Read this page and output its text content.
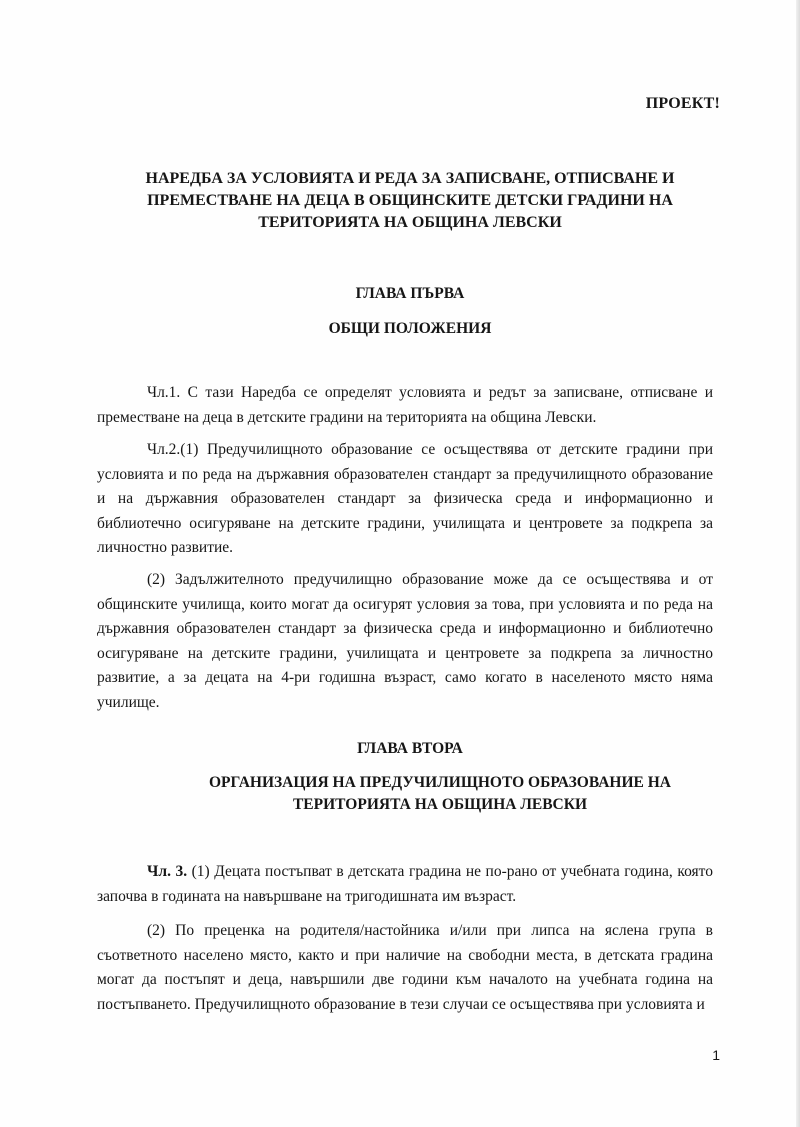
ПРОЕКТ!
НАРЕДБА ЗА УСЛОВИЯТА И РЕДА ЗА ЗАПИСВАНЕ, ОТПИСВАНЕ И ПРЕМЕСТВАНЕ НА ДЕЦА В ОБЩИНСКИТЕ ДЕТСКИ ГРАДИНИ НА ТЕРИТОРИЯТА НА ОБЩИНА ЛЕВСКИ
ГЛАВА ПЪРВА
ОБЩИ ПОЛОЖЕНИЯ

Чл.1. С тази Наредба се определят условията и редът за записване, отписване и преместване на деца в детските градини на територията на община Левски.

Чл.2.(1) Предучилищното образование се осъществява от детските градини при условията и по реда на държавния образователен стандарт за предучилищното образование и на държавния образователен стандарт за физическа среда и информационно и библиотечно осигуряване на детските градини, училищата и центровете за подкрепа за личностно развитие.

(2) Задължителното предучилищно образование може да се осъществява и от общинските училища, които могат да осигурят условия за това, при условията и по реда на държавния образователен стандарт за физическа среда и информационно и библиотечно осигуряване на детските градини, училищата и центровете за подкрепа за личностно развитие, а за децата на 4-ри годишна възраст, само когато в населеното място няма училище.

ГЛАВА ВТОРА
ОРГАНИЗАЦИЯ НА ПРЕДУЧИЛИЩНОТО ОБРАЗОВАНИЕ НА ТЕРИТОРИЯТА НА ОБЩИНА ЛЕВСКИ

Чл. 3. (1) Децата постъпват в детската градина не по-рано от учебната година, която започва в годината на навършване на тригодишната им възраст.

(2) По преценка на родителя/настойника и/или при липса на яслена група в съответното населено място, както и при наличие на свободни места, в детската градина могат да постъпят и деца, навършили две години към началото на учебната година на постъпването. Предучилищното образование в тези случаи се осъществява при условията и

1
